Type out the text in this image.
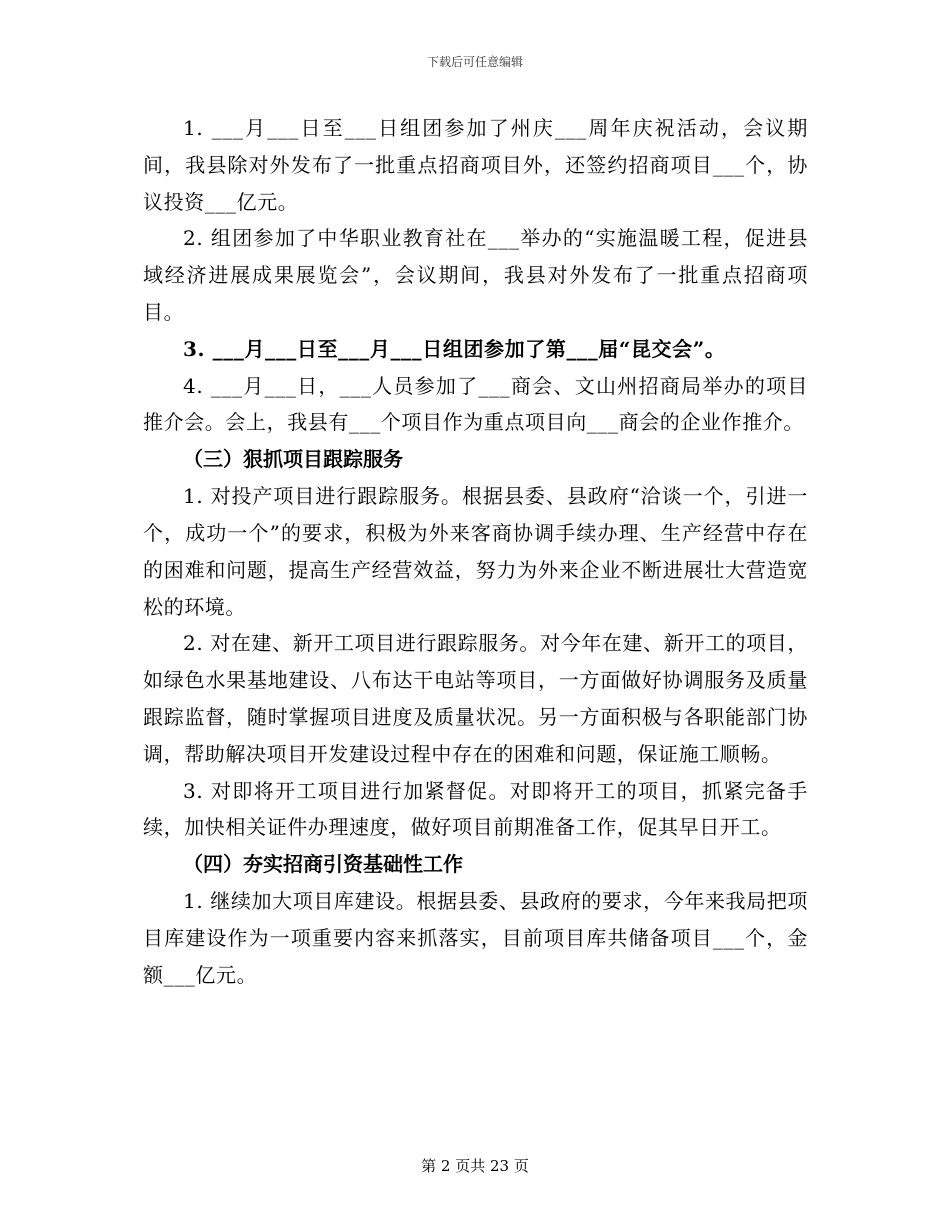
下载后可任意编辑

1. ___月___日至___日组团参加了州庆___周年庆祝活动，会议期间，我县除对外发布了一批重点招商项目外，还签约招商项目___个，协议投资___亿元。

2. 组团参加了中华职业教育社在___举办的“实施温暖工程，促进县域经济进展成果展览会”，会议期间，我县对外发布了一批重点招商项目。

3. ___月___日至___月___日组团参加了第___届“昆交会”。

4. ___月___日，___人员参加了___商会、文山州招商局举办的项目推介会。会上，我县有___个项目作为重点项目向___商会的企业作推介。

（三）狠抓项目跟踪服务

1. 对投产项目进行跟踪服务。根据县委、县政府“洽谈一个，引进一个，成功一个”的要求，积极为外来客商协调手续办理、生产经营中存在的困难和问题，提高生产经营效益，努力为外来企业不断进展壮大营造宽松的环境。

2. 对在建、新开工项目进行跟踪服务。对今年在建、新开工的项目，如绿色水果基地建设、八布达干电站等项目，一方面做好协调服务及质量跟踪监督，随时掌握项目进度及质量状况。另一方面积极与各职能部门协调，帮助解决项目开发建设过程中存在的困难和问题，保证施工顺畅。

3. 对即将开工项目进行加紧督促。对即将开工的项目，抓紧完备手续，加快相关证件办理速度，做好项目前期准备工作，促其早日开工。

（四）夯实招商引资基础性工作

1. 继续加大项目库建设。根据县委、县政府的要求，今年来我局把项目库建设作为一项重要内容来抓落实，目前项目库共储备项目___个，金额___亿元。

第 2 页共 23 页
